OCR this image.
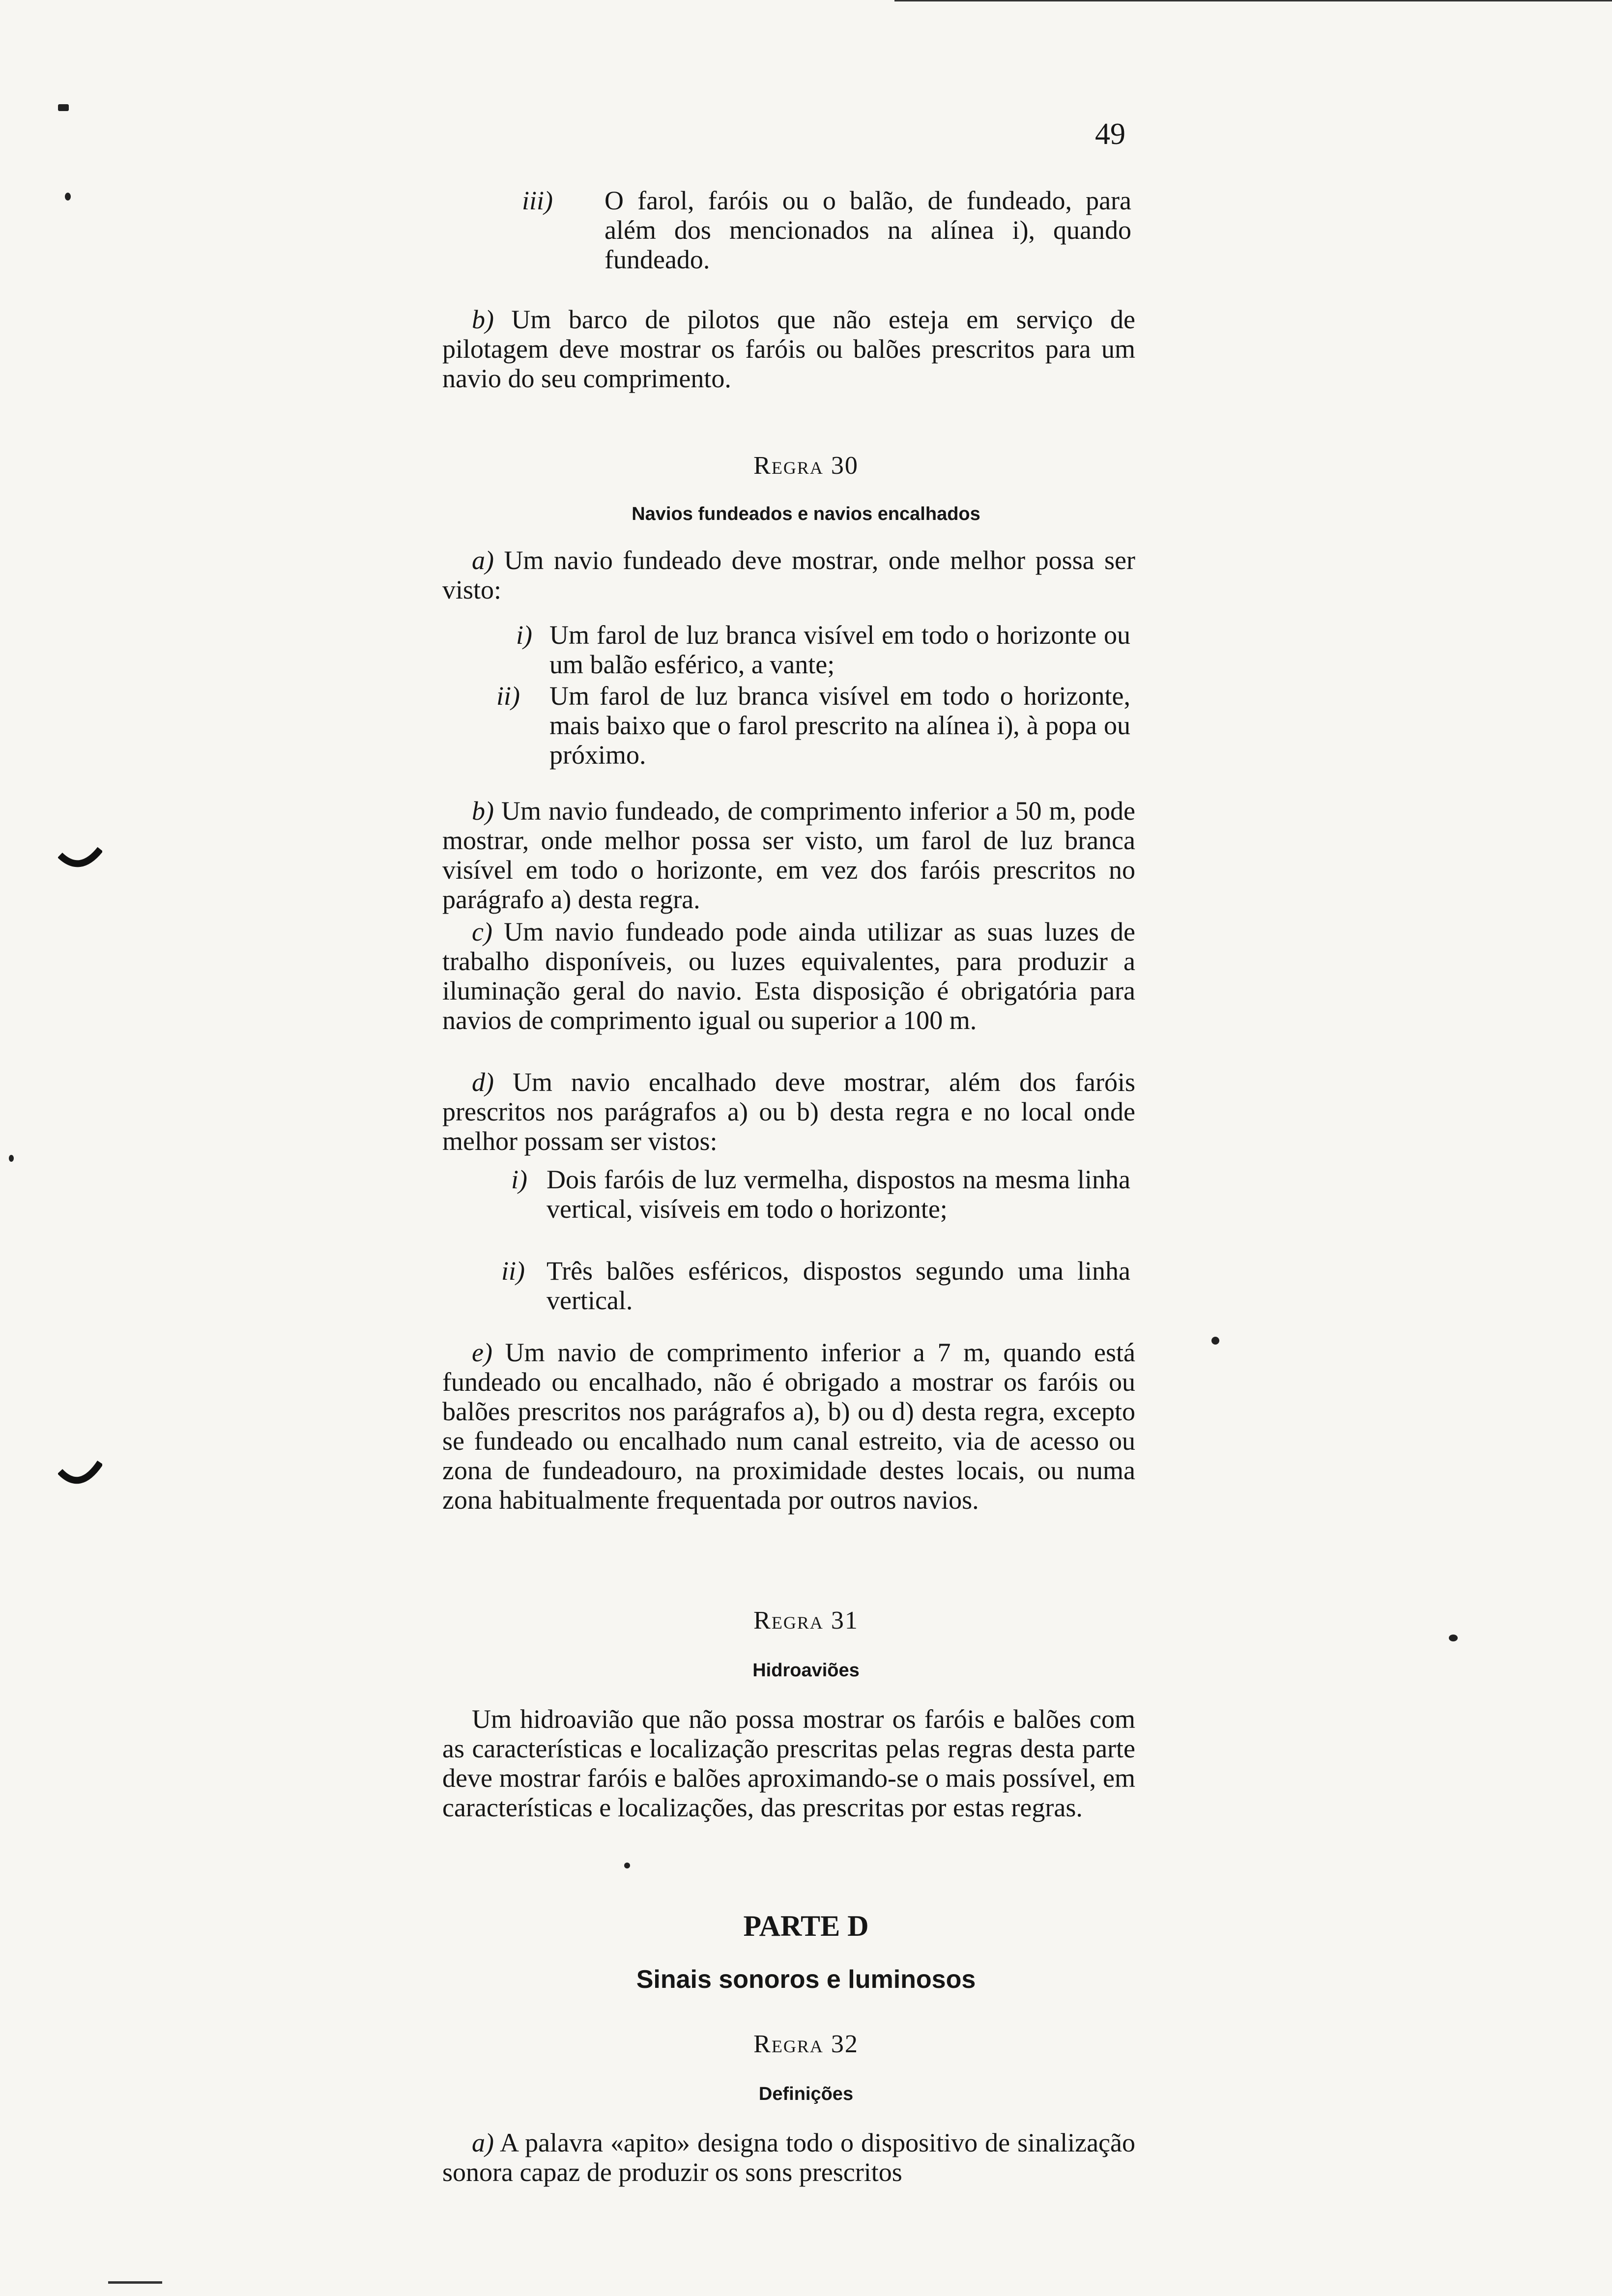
49
iii) O farol, faróis ou o balão, de fundeado, para além dos mencionados na alínea i), quando fundeado.
b) Um barco de pilotos que não esteja em serviço de pilotagem deve mostrar os faróis ou balões prescritos para um navio do seu comprimento.
Regra 30
Navios fundeados e navios encalhados
a) Um navio fundeado deve mostrar, onde melhor possa ser visto:
i) Um farol de luz branca visível em todo o horizonte ou um balão esférico, a vante;
ii) Um farol de luz branca visível em todo o horizonte, mais baixo que o farol prescrito na alínea i), à popa ou próximo.
b) Um navio fundeado, de comprimento inferior a 50 m, pode mostrar, onde melhor possa ser visto, um farol de luz branca visível em todo o horizonte, em vez dos faróis prescritos no parágrafo a) desta regra.
c) Um navio fundeado pode ainda utilizar as suas luzes de trabalho disponíveis, ou luzes equivalentes, para produzir a iluminação geral do navio. Esta disposição é obrigatória para navios de comprimento igual ou superior a 100 m.
d) Um navio encalhado deve mostrar, além dos faróis prescritos nos parágrafos a) ou b) desta regra e no local onde melhor possam ser vistos:
i) Dois faróis de luz vermelha, dispostos na mesma linha vertical, visíveis em todo o horizonte;
ii) Três balões esféricos, dispostos segundo uma linha vertical.
e) Um navio de comprimento inferior a 7 m, quando está fundeado ou encalhado, não é obrigado a mostrar os faróis ou balões prescritos nos parágrafos a), b) ou d) desta regra, excepto se fundeado ou encalhado num canal estreito, via de acesso ou zona de fundeadouro, na proximidade destes locais, ou numa zona habitualmente frequentada por outros navios.
Regra 31
Hidroaviões
Um hidroavião que não possa mostrar os faróis e balões com as características e localização prescritas pelas regras desta parte deve mostrar faróis e balões aproximando-se o mais possível, em características e localizações, das prescritas por estas regras.
PARTE D
Sinais sonoros e luminosos
Regra 32
Definições
a) A palavra «apito» designa todo o dispositivo de sinalização sonora capaz de produzir os sons prescritos
